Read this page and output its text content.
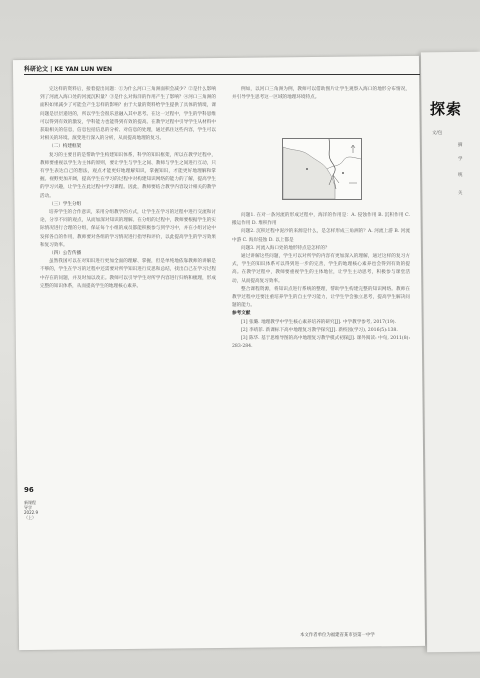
探索
文/包
摘
学
统
关
科研论文 | KE YAN LUN WEN

完这样的资料后，接着提出问题：①为什么河口三角洲面积会减少？②是什么影响到了河流入海口处的河流沉积量？③是什么对海洋的作用产生了影响？④河口三角洲的面积如果减少了可能会产生怎样的影响？由于大量的资料给学生提供了具体的情境，课问题是层层递进的，所以学生会很乐意融入其中思考。在这一过程中，学生的学科思维可以得到有效的激发，学科能力也能得到有效的提高。在教学过程中引导学生从材料中获取相关的信息，信息包括信息的分析、对信息的处理，通过抓住这些内容，学生可以对相关的环境。演变进行深入的分析，从而提高地理的复习。

（二）构建框架

复习的主要目的是帮助学生构建知识体系，科学的知识框架，所以在教学过程中，教师要重视以学生为主体的原则，要让学生与学生之间、教师与学生之间进行互动，只有学生表达自己的想法，观点才能更好地理解知识，掌握知识，才能更好地理解和掌握。视野更加开阔，提高学生在学习的过程中对构建知识网络的能力的了解，提高学生的学习兴趣，让学生在此过程中学习课程。因此，教师要结合教学内容设计相关的教学活动。

（三）学生分组

培养学生的合作意识，采用分组教学的方式，让学生在学习的过程中进行交流和讨论，分享不同的观点，从而加深对知识的理解。在分组的过程中，教师要根据学生的实际情况进行合理的分组，保证每个小组的成员都能积极参与到学习中，并在小组讨论中发挥各自的作用，教师要对各组的学习情况进行指导和评价，以此提高学生的学习效果和复习效率。

（四）公告传播

虽然我国可以在对知识进行更加全面的理解、掌握，但是单纯地依靠教师的讲解是不够的，学生在学习的过程中还需要对所学知识进行反思和总结，找出自己在学习过程中存在的问题，并及时加以改正。教师可以引导学生对所学内容进行归纳和梳理，形成完整的知识体系，从而提高学生的地理核心素养。

例如，以河口三角洲为例，教师可以借助图片让学生观察入海口的地形分布情况，并引导学生思考这一区域的地理环境特点。

问题1. 在对一条河流的形成过程中，海洋的作用是：A. 侵蚀作用 B. 沉积作用 C. 搬运作用 D. 堆积作用

问题2. 沉积过程中泥沙的来源是什么，是怎样形成三角洲的？A. 河流上游 B. 河流中游 C. 海岸侵蚀 D. 以上都是

问题3. 河流入海口处的地形特点是怎样的？

通过讲解这些问题，学生可以对所学的内容有更加深入的理解，通过这样的复习方式，学生的知识体系可以得到进一步的完善，学生的地理核心素养也会得到有效的提高。在教学过程中，教师要重视学生的主体地位，让学生主动思考，积极参与课堂活动，从而提高复习效率。

整合课程资源，将知识点进行系统的整理，帮助学生构建完整的知识网络。教师在教学过程中还要注重培养学生的自主学习能力，让学生学会独立思考，提高学生解决问题的能力。

参考文献

[1] 张璐. 地理教学中学生核心素养培养的研究[J]. 中学教学参考, 2017(19).

[2] 李靖菲. 新课标下高中地理复习教学探究[J]. 新校园(学习), 2016(5):138.

[3] 陈华. 基于思维导图的高中地理复习教学模式初探[J]. 课外阅读: 中旬, 2011(8):283-284.

本文作者单位为福建省某市县第一中学
96
新课程导学
2022.9（上）
